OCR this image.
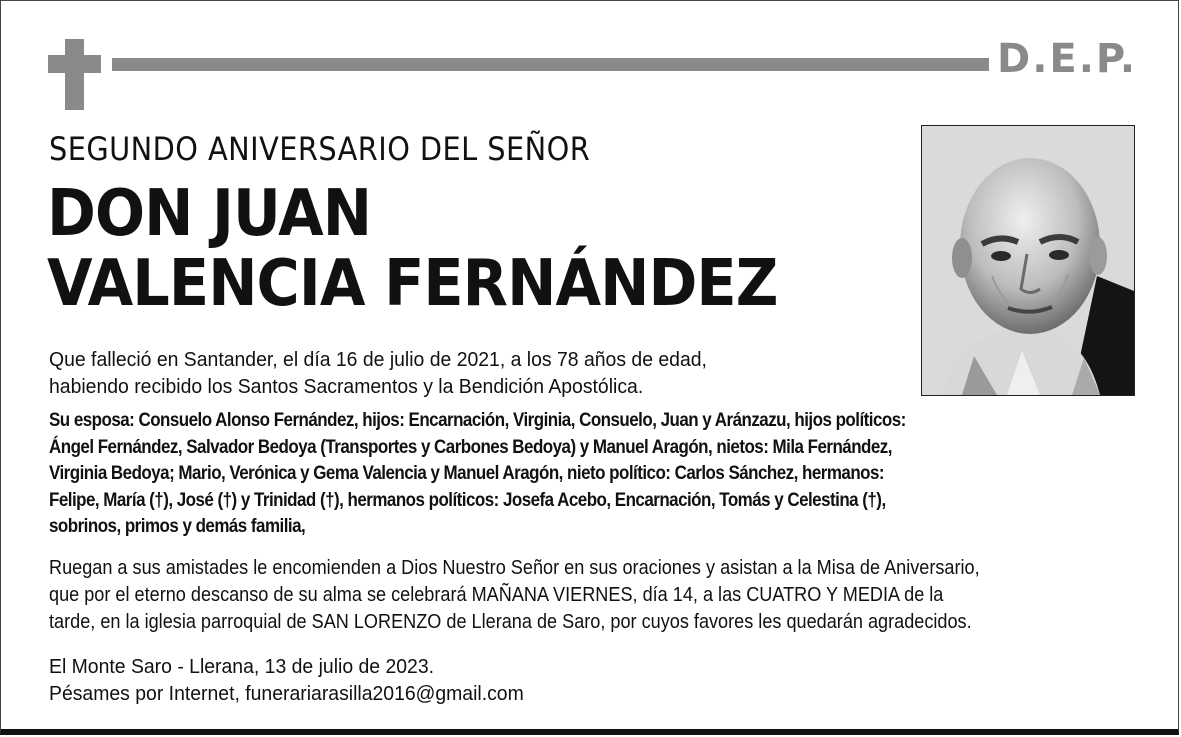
D.E.P.
SEGUNDO ANIVERSARIO DEL SEÑOR
DON JUAN
VALENCIA FERNÁNDEZ

Que falleció en Santander, el día 16 de julio de 2021, a los 78 años de edad,

habiendo recibido los Santos Sacramentos y la Bendición Apostólica.

Su esposa: Consuelo Alonso Fernández, hijos: Encarnación, Virginia, Consuelo, Juan y Aránzazu, hijos políticos:

Ángel Fernández, Salvador Bedoya (Transportes y Carbones Bedoya) y Manuel Aragón, nietos: Mila Fernández,

Virginia Bedoya; Mario, Verónica y Gema Valencia y Manuel Aragón, nieto político: Carlos Sánchez, hermanos:

Felipe, María (†), José (†) y Trinidad (†), hermanos políticos: Josefa Acebo, Encarnación, Tomás y Celestina (†),

sobrinos, primos y demás familia,

Ruegan a sus amistades le encomienden a Dios Nuestro Señor en sus oraciones y asistan a la Misa de Aniversario,

que por el eterno descanso de su alma se celebrará MAÑANA VIERNES, día 14, a las CUATRO Y MEDIA de la

tarde, en la iglesia parroquial de SAN LORENZO de Llerana de Saro, por cuyos favores les quedarán agradecidos.

El Monte Saro - Llerana, 13 de julio de 2023.

Pésames por Internet, funerariarasilla2016@gmail.com
